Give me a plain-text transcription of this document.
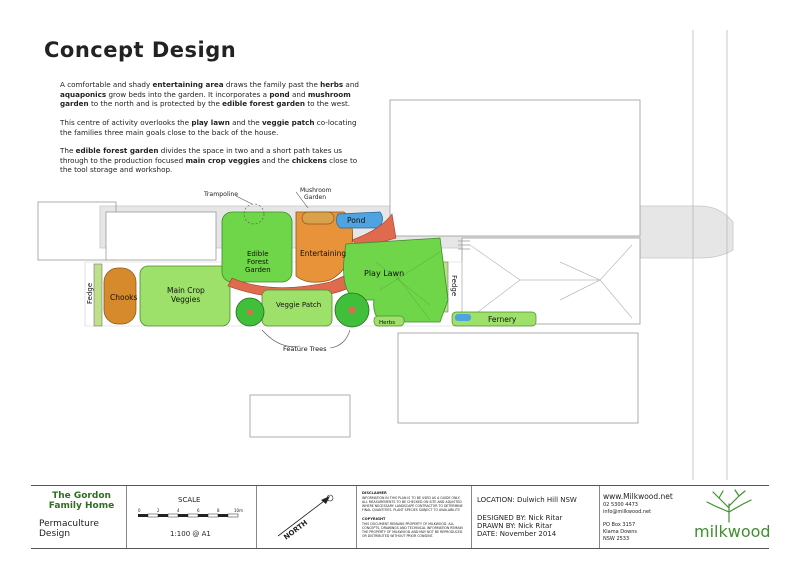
Trampoline
Mushroom
Garden
Pond
Edible
Forest
Garden
Entertaining
Play Lawn
Fedge
Fedge Chooks
Main Crop
Veggies
Veggie Patch
Herbs	Fernery
Feature Trees
Concept Design
A comfortable and shady entertaining area draws the family past the herbs and aquaponics grow beds into the garden. It incorporates a pond and mushroom garden to the north and is protected by the edible forest garden to the west.
This centre of activity overlooks the play lawn and the veggie patch co-locating the families three main goals close to the back of the house.
The edible forest garden divides the space in two and a short path takes us through to the production focused main crop veggies and the chickens close to the tool storage and workshop.
The Gordon Family Home
Permaculture Design
SCALE
0	2	4	6	8	10m
1:100 @ A1	NORTH
DISCLAIMER
INFORMATION IN THIS PLAN IS TO BE USED AS A GUIDE ONLY. ALL MEASUREMENTS TO BE CHECKED ON SITE AND ADJUSTED WHERE NECESSARY. LANDSCAPE CONTRACTOR TO DETERMINE FINAL QUANTITIES. PLANT SPECIES SUBJECT TO AVAILABILITY.
COPYRIGHT
THIS DOCUMENT REMAINS PROPERTY OF MILKWOOD. ALL CONCEPTS, DRAWINGS AND TECHNICAL INFORMATION REMAIN THE PROPERTY OF MILKWOOD AND MAY NOT BE REPRODUCED OR DISTRIBUTED WITHOUT PRIOR CONSENT.
LOCATION: Dulwich Hill NSW
DESIGNED BY: Nick Ritar
DRAWN BY: Nick Ritar
DATE: November 2014
www.Milkwood.net
02 5300 4473
info@milkwood.net
PO Box 3157
Kiama Downs
NSW 2533	milkwood
